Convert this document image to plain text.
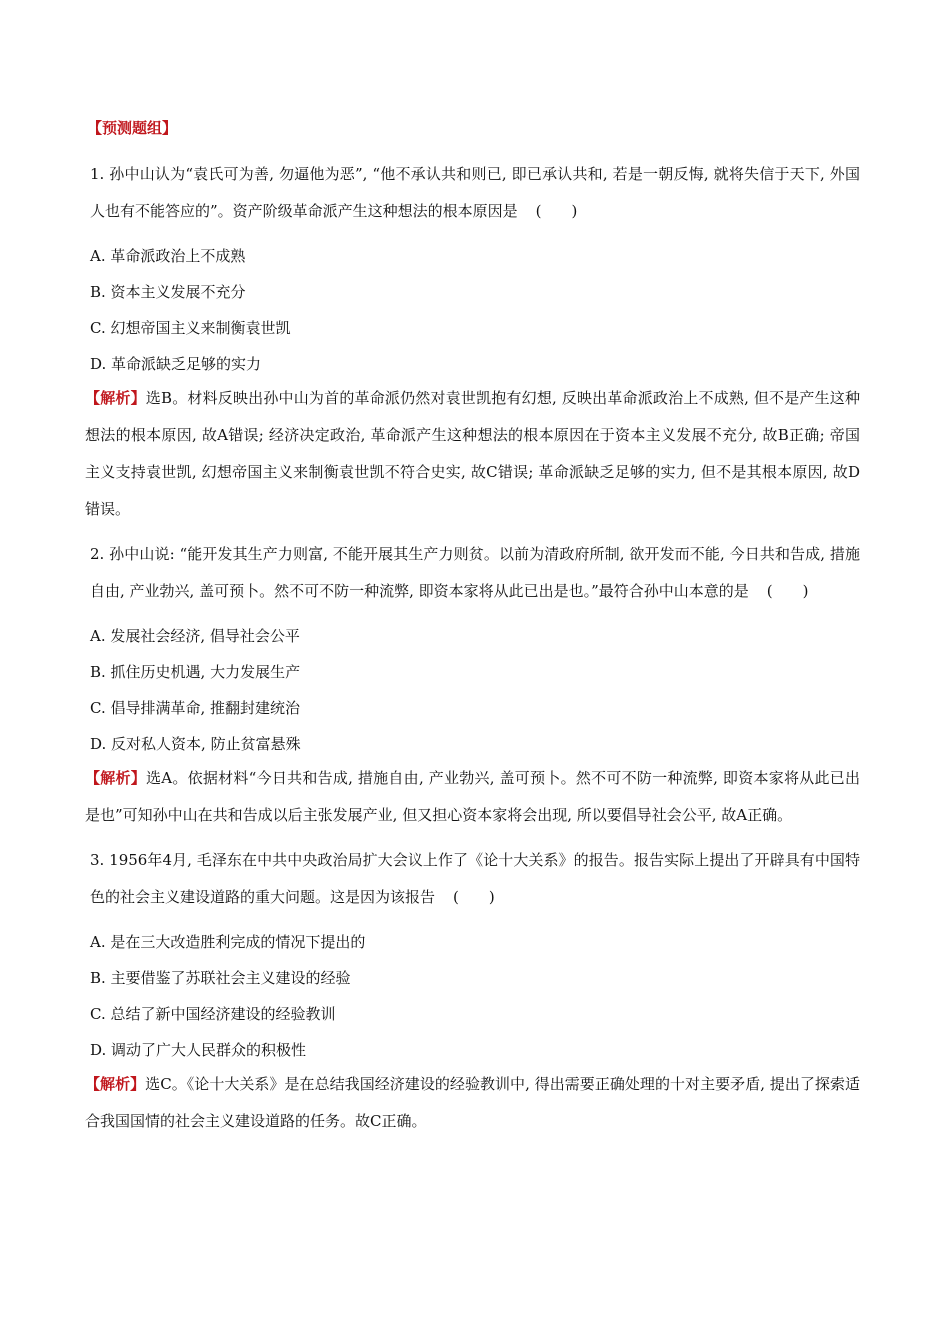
【预测题组】

1. 孙中山认为“袁氏可为善, 勿逼他为恶”, “他不承认共和则已, 即已承认共和, 若是一朝反悔, 就将失信于天下, 外国人也有不能答应的”。资产阶级革命派产生这种想法的根本原因是 (　　)

A. 革命派政治上不成熟

B. 资本主义发展不充分

C. 幻想帝国主义来制衡袁世凯

D. 革命派缺乏足够的实力

【解析】选B。材料反映出孙中山为首的革命派仍然对袁世凯抱有幻想, 反映出革命派政治上不成熟, 但不是产生这种想法的根本原因, 故A错误; 经济决定政治, 革命派产生这种想法的根本原因在于资本主义发展不充分, 故B正确; 帝国主义支持袁世凯, 幻想帝国主义来制衡袁世凯不符合史实, 故C错误; 革命派缺乏足够的实力, 但不是其根本原因, 故D错误。

2. 孙中山说: “能开发其生产力则富, 不能开展其生产力则贫。以前为清政府所制, 欲开发而不能, 今日共和告成, 措施自由, 产业勃兴, 盖可预卜。然不可不防一种流弊, 即资本家将从此已出是也。”最符合孙中山本意的是 (　　)

A. 发展社会经济, 倡导社会公平

B. 抓住历史机遇, 大力发展生产

C. 倡导排满革命, 推翻封建统治

D. 反对私人资本, 防止贫富悬殊

【解析】选A。依据材料“今日共和告成, 措施自由, 产业勃兴, 盖可预卜。然不可不防一种流弊, 即资本家将从此已出是也”可知孙中山在共和告成以后主张发展产业, 但又担心资本家将会出现, 所以要倡导社会公平, 故A正确。

3. 1956年4月, 毛泽东在中共中央政治局扩大会议上作了《论十大关系》的报告。报告实际上提出了开辟具有中国特色的社会主义建设道路的重大问题。这是因为该报告 (　　)

A. 是在三大改造胜利完成的情况下提出的

B. 主要借鉴了苏联社会主义建设的经验

C. 总结了新中国经济建设的经验教训

D. 调动了广大人民群众的积极性

【解析】选C。《论十大关系》是在总结我国经济建设的经验教训中, 得出需要正确处理的十对主要矛盾, 提出了探索适合我国国情的社会主义建设道路的任务。故C正确。
